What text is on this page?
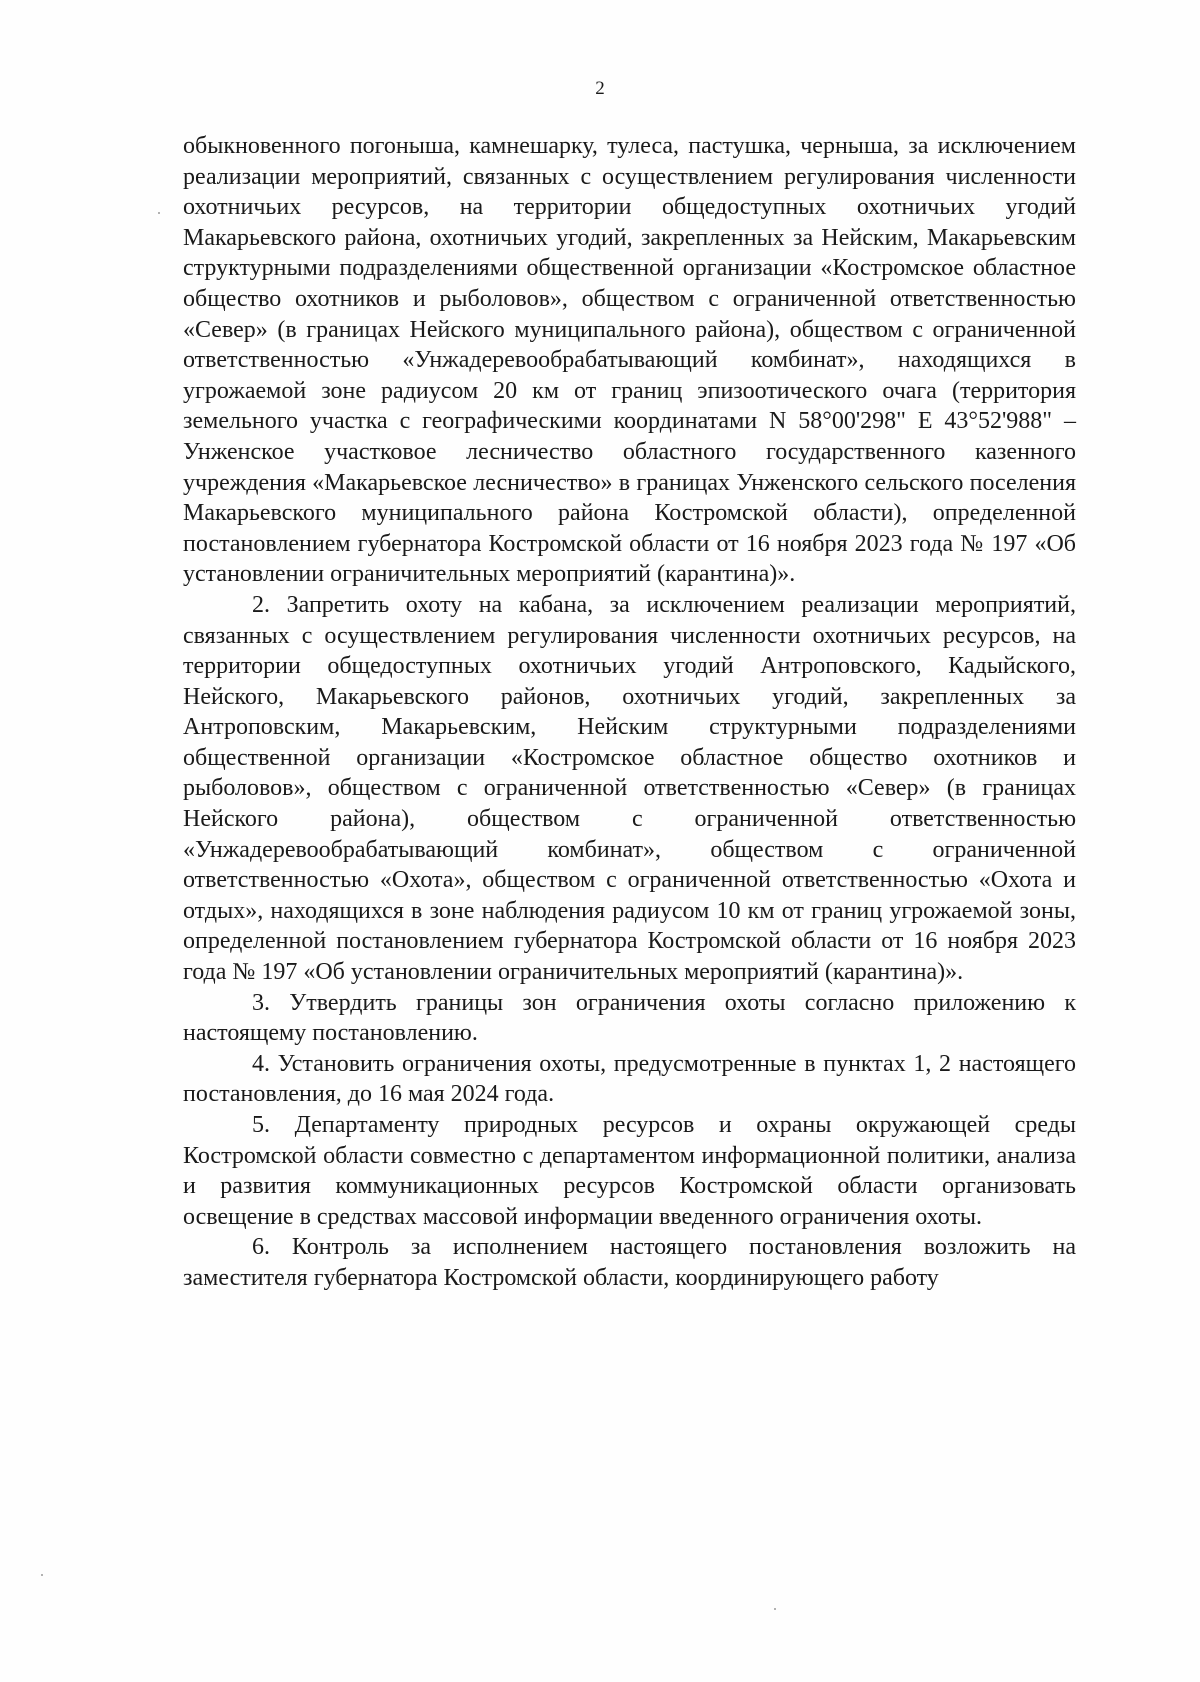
2

обыкновенного погоныша, камнешарку, тулеса, пастушка, черныша, за исключением реализации мероприятий, связанных с осуществлением регулирования численности охотничьих ресурсов, на территории общедоступных охотничьих угодий Макарьевского района, охотничьих угодий, закрепленных за Нейским, Макарьевским структурными подразделениями общественной организации «Костромское областное общество охотников и рыболовов», обществом с ограниченной ответственностью «Север» (в границах Нейского муниципального района), обществом с ограниченной ответственностью «Унжадеревообрабатывающий комбинат», находящихся в угрожаемой зоне радиусом 20 км от границ эпизоотического очага (территория земельного участка с географическими координатами N 58°00'298" E 43°52'988" – Унженское участковое лесничество областного государственного казенного учреждения «Макарьевское лесничество» в границах Унженского сельского поселения Макарьевского муниципального района Костромской области), определенной постановлением губернатора Костромской области от 16 ноября 2023 года № 197 «Об установлении ограничительных мероприятий (карантина)».

2. Запретить охоту на кабана, за исключением реализации мероприятий, связанных с осуществлением регулирования численности охотничьих ресурсов, на территории общедоступных охотничьих угодий Антроповского, Кадыйского, Нейского, Макарьевского районов, охотничьих угодий, закрепленных за Антроповским, Макарьевским, Нейским структурными подразделениями общественной организации «Костромское областное общество охотников и рыболовов», обществом с ограниченной ответственностью «Север» (в границах Нейского района), обществом с ограниченной ответственностью «Унжадеревообрабатывающий комбинат», обществом с ограниченной ответственностью «Охота», обществом с ограниченной ответственностью «Охота и отдых», находящихся в зоне наблюдения радиусом 10 км от границ угрожаемой зоны, определенной постановлением губернатора Костромской области от 16 ноября 2023 года № 197 «Об установлении ограничительных мероприятий (карантина)».

3. Утвердить границы зон ограничения охоты согласно приложению к настоящему постановлению.

4. Установить ограничения охоты, предусмотренные в пунктах 1, 2 настоящего постановления, до 16 мая 2024 года.

5. Департаменту природных ресурсов и охраны окружающей среды Костромской области совместно с департаментом информационной политики, анализа и развития коммуникационных ресурсов Костромской области организовать освещение в средствах массовой информации введенного ограничения охоты.

6. Контроль за исполнением настоящего постановления возложить на заместителя губернатора Костромской области, координирующего работу
